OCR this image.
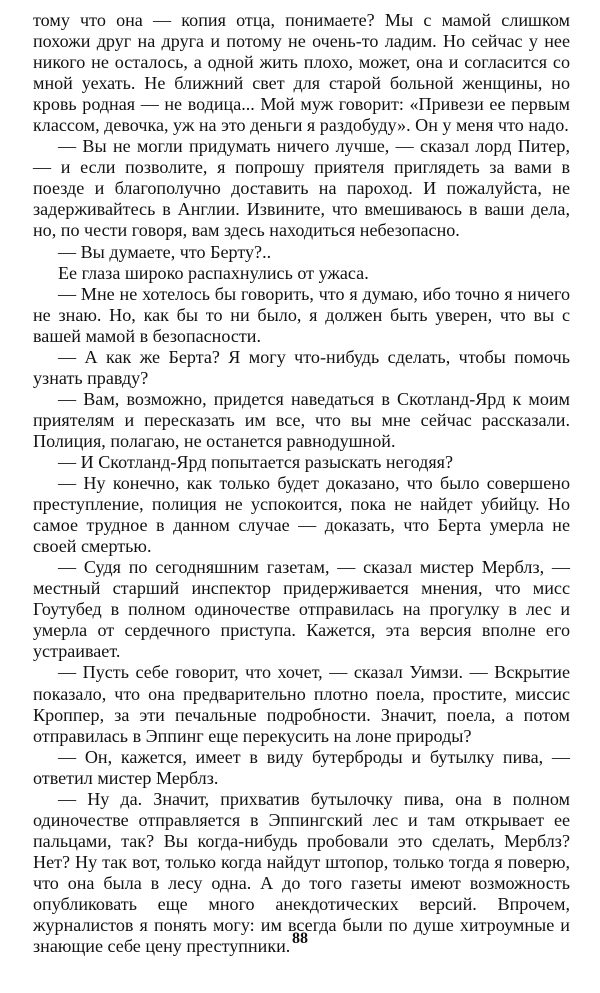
тому что она — копия отца, понимаете? Мы с мамой слишком похожи друг на друга и потому не очень-то ладим. Но сейчас у нее никого не осталось, а одной жить плохо, может, она и согласится со мной уехать. Не ближний свет для старой больной женщины, но кровь родная — не водица... Мой муж говорит: «Привези ее первым классом, девочка, уж на это деньги я раздобуду». Он у меня что надо.

— Вы не могли придумать ничего лучше, — сказал лорд Питер, — и если позволите, я попрошу приятеля приглядеть за вами в поезде и благополучно доставить на пароход. И пожалуйста, не задерживайтесь в Англии. Извините, что вмешиваюсь в ваши дела, но, по чести говоря, вам здесь находиться небезопасно.

— Вы думаете, что Берту?..

Ее глаза широко распахнулись от ужаса.

— Мне не хотелось бы говорить, что я думаю, ибо точно я ничего не знаю. Но, как бы то ни было, я должен быть уверен, что вы с вашей мамой в безопасности.

— А как же Берта? Я могу что-нибудь сделать, чтобы помочь узнать правду?

— Вам, возможно, придется наведаться в Скотланд-Ярд к моим приятелям и пересказать им все, что вы мне сейчас рассказали. Полиция, полагаю, не останется равнодушной.

— И Скотланд-Ярд попытается разыскать негодяя?

— Ну конечно, как только будет доказано, что было совершено преступление, полиция не успокоится, пока не найдет убийцу. Но самое трудное в данном случае — доказать, что Берта умерла не своей смертью.

— Судя по сегодняшним газетам, — сказал мистер Мерблз, — местный старший инспектор придерживается мнения, что мисс Гоутубед в полном одиночестве отправилась на прогулку в лес и умерла от сердечного приступа. Кажется, эта версия вполне его устраивает.

— Пусть себе говорит, что хочет, — сказал Уимзи. — Вскрытие показало, что она предварительно плотно поела, простите, миссис Кроппер, за эти печальные подробности. Значит, поела, а потом отправилась в Эппинг еще перекусить на лоне природы?

— Он, кажется, имеет в виду бутерброды и бутылку пива, — ответил мистер Мерблз.

— Ну да. Значит, прихватив бутылочку пива, она в полном одиночестве отправляется в Эппингский лес и там открывает ее пальцами, так? Вы когда-нибудь пробовали это сделать, Мерблз? Нет? Ну так вот, только когда найдут штопор, только тогда я поверю, что она была в лесу одна. А до того газеты имеют возможность опубликовать еще много анекдотических версий. Впрочем, журналистов я понять могу: им всегда были по душе хитроумные и знающие себе цену преступники. 88
